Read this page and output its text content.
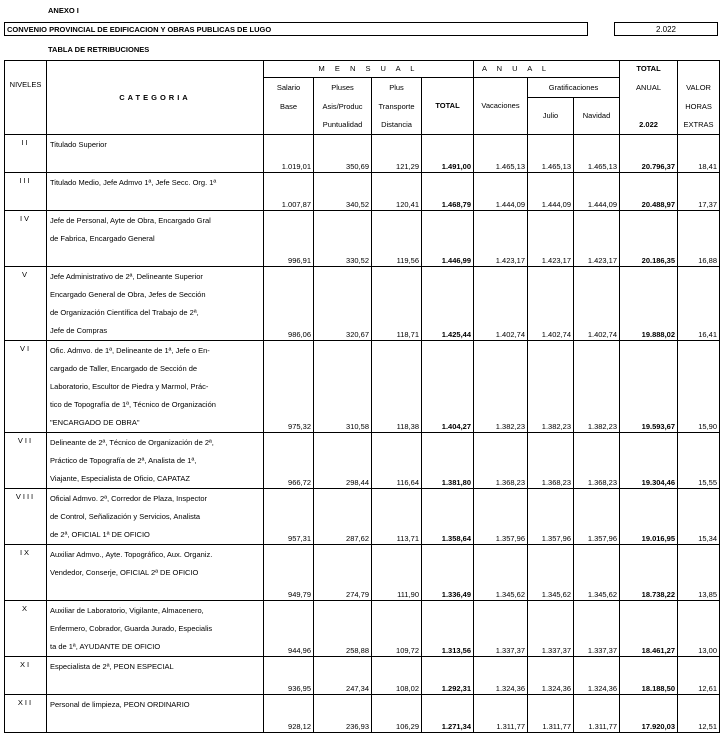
ANEXO I
CONVENIO PROVINCIAL DE EDIFICACION Y OBRAS PUBLICAS DE LUGO	2.022
TABLA DE RETRIBUCIONES
NIVELES	CATEGORIA	M E N S U A L				A N U A L			TOTAL	
		Salario	Pluses	Plus	TOTAL	Vacaciones	Gratificaciones		ANUAL	VALOR
		Base	Asis/Produc	Transporte			Julio	Navidad		HORAS
			Puntualidad	Distancia					2.022	EXTRAS
II	Titulado Superior	1.019,01	350,69	121,29	1.491,00	1.465,13	1.465,13	1.465,13	20.796,37	18,41
III	Titulado Medio, Jefe Admvo 1ª, Jefe Secc. Org. 1ª	1.007,87	340,52	120,41	1.468,79	1.444,09	1.444,09	1.444,09	20.488,97	17,37
IV	Jefe de Personal, Ayte de Obra, Encargado Gral
de Fabrica, Encargado General	996,91	330,52	119,56	1.446,99	1.423,17	1.423,17	1.423,17	20.186,35	16,88
V	Jefe Administrativo de 2ª, Delineante Superior
Encargado General de Obra, Jefes de Sección
de Organización Científica del Trabajo de 2ª,
Jefe de Compras	986,06	320,67	118,71	1.425,44	1.402,74	1.402,74	1.402,74	19.888,02	16,41
VI	Ofic. Admvo. de 1ª, Delineante de 1ª, Jefe o En-
cargado de Taller, Encargado de Sección de
Laboratorio, Escultor de Piedra y Marmol, Prác-
tico de Topografía de 1ª, Técnico de Organización
"ENCARGADO DE OBRA"	975,32	310,58	118,38	1.404,27	1.382,23	1.382,23	1.382,23	19.593,67	15,90
VII	Delineante de 2ª, Técnico de Organización de 2ª,
Práctico de Topografía de 2ª, Analista de 1ª,
Viajante, Especialista de Oficio, CAPATAZ	966,72	298,44	116,64	1.381,80	1.368,23	1.368,23	1.368,23	19.304,46	15,55
VIII	Oficial Admvo. 2ª, Corredor de Plaza, Inspector
de Control, Señalización y Servicios, Analista
de 2ª, OFICIAL 1ª DE OFICIO	957,31	287,62	113,71	1.358,64	1.357,96	1.357,96	1.357,96	19.016,95	15,34
IX	Auxiliar Admvo., Ayte. Topográfico, Aux. Organiz.
Vendedor, Conserje, OFICIAL 2ª DE OFICIO	949,79	274,79	111,90	1.336,49	1.345,62	1.345,62	1.345,62	18.738,22	13,85
X	Auxiliar de Laboratorio, Vigilante, Almacenero,
Enfermero, Cobrador, Guarda Jurado, Especialis
ta de 1ª, AYUDANTE DE OFICIO	944,96	258,88	109,72	1.313,56	1.337,37	1.337,37	1.337,37	18.461,27	13,00
XI	Especialista de 2ª, PEON ESPECIAL	936,95	247,34	108,02	1.292,31	1.324,36	1.324,36	1.324,36	18.188,50	12,61
XII	Personal de limpieza, PEON ORDINARIO	928,12	236,93	106,29	1.271,34	1.311,77	1.311,77	1.311,77	17.920,03	12,51
